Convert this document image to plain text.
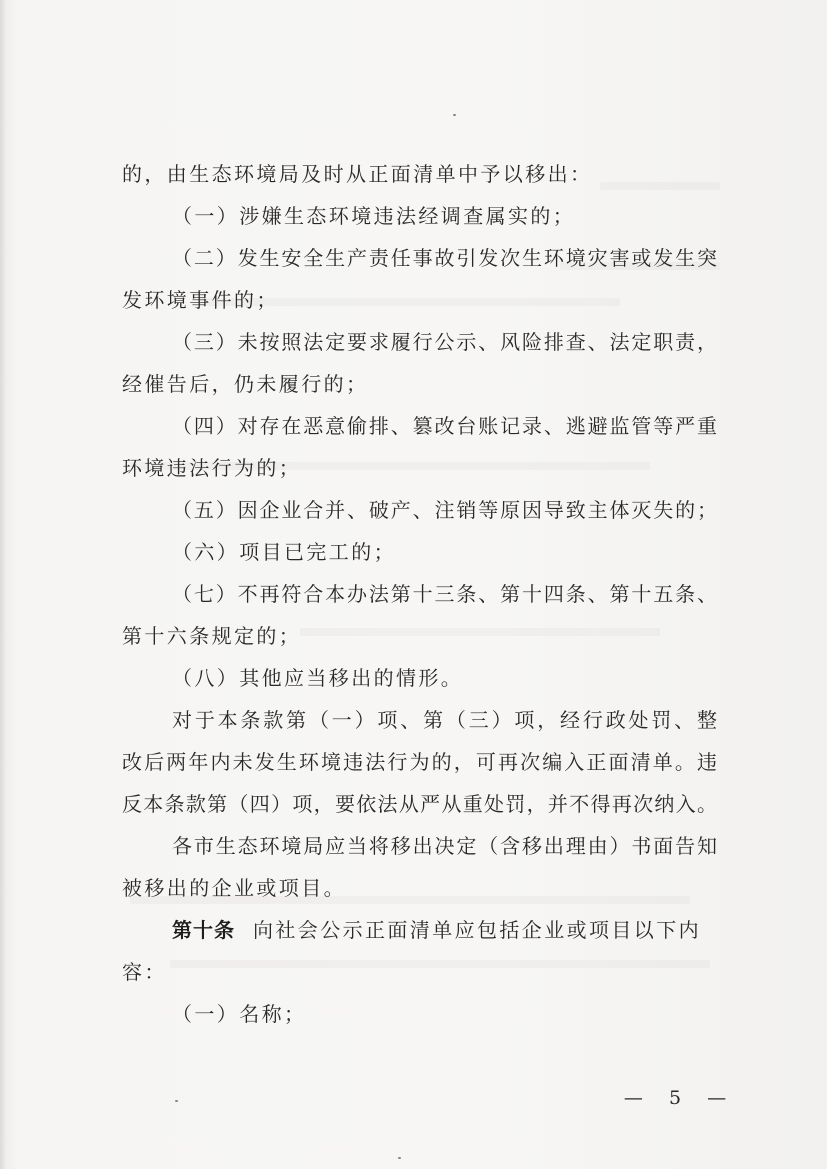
的，由生态环境局及时从正面清单中予以移出：
（一）涉嫌生态环境违法经调查属实的；
（二）发生安全生产责任事故引发次生环境灾害或发生突
发环境事件的；
（三）未按照法定要求履行公示、风险排查、法定职责，
经催告后，仍未履行的；
（四）对存在恶意偷排、篡改台账记录、逃避监管等严重
环境违法行为的；
（五）因企业合并、破产、注销等原因导致主体灭失的；
（六）项目已完工的；
（七）不再符合本办法第十三条、第十四条、第十五条、
第十六条规定的；
（八）其他应当移出的情形。
对于本条款第（一）项、第（三）项，经行政处罚、整
改后两年内未发生环境违法行为的，可再次编入正面清单。违
反本条款第（四）项，要依法从严从重处罚，并不得再次纳入。
各市生态环境局应当将移出决定（含移出理由）书面告知
被移出的企业或项目。
第十条 向社会公示正面清单应包括企业或项目以下内
容：
（一）名称；
— 5 —
